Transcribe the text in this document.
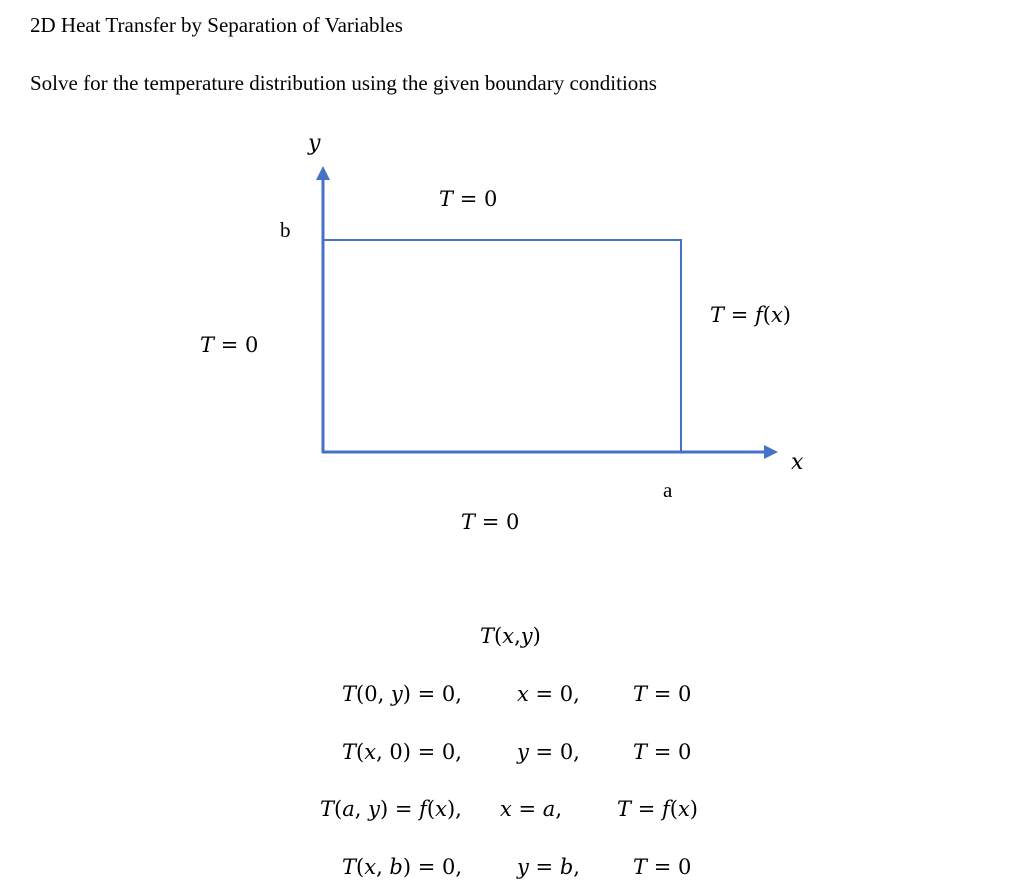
2D Heat Transfer by Separation of Variables
Solve for the temperature distribution using the given boundary conditions
y
x
b
a
T = 0
T = 0
T = f(x)
T = 0
T(x,y)
T(0, y) = 0,	x = 0,	T = 0
T(x, 0) = 0,	y = 0,	T = 0
T(a, y) = f(x), x = a,	T = f(x)
T(x, b) = 0,	y = b,	T = 0
